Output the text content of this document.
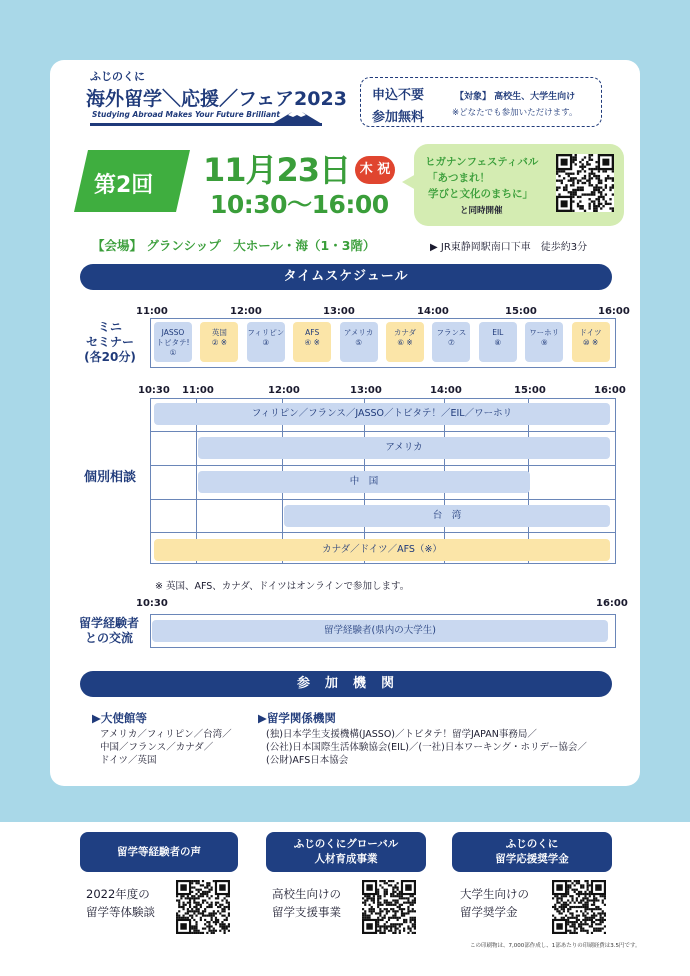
ふじのくに
海外留学＼応援／フェア2023
Studying Abroad Makes Your Future Brilliant
申込不要
参加無料
【対象】 高校生、大学生向け
※どなたでも参加いただけます。
第2回 11月23日 木 祝
10:30〜16:00
ヒガナンフェスティバル
「あつまれ！
学びと文化のまちに」
と同時開催
【会場】 グランシップ　大ホール・海（1・3階）	▶ JR東静岡駅南口下車　徒歩約3分
タイムスケジュール
ミニ
セミナー
(各20分)
11:00	12:00	13:00	14:00	15:00	16:00
JASSO
トビタテ!
①
英国
② ※
フィリピン
③
AFS
④ ※
アメリカ
⑤
カナダ
⑥ ※
フランス
⑦
EIL
⑧
ワーホリ
⑨
ドイツ
⑩ ※
10:30 11:00	12:00	13:00	14:00	15:00	16:00
個別相談
フィリピン／フランス／JASSO／トビタテ！／EIL／ワーホリ
アメリカ
中　国
台　湾
カナダ／ドイツ／AFS（※）
※ 英国、AFS、カナダ、ドイツはオンラインで参加します。
10:30	16:00
留学経験者
との交流
留学経験者(県内の大学生)
参　加　機　関
▶大使館等
アメリカ／フィリピン／台湾／
中国／フランス／カナダ／
ドイツ／英国
▶留学関係機関
(独)日本学生支援機構(JASSO)／トビタテ！留学JAPAN事務局／
(公社)日本国際生活体験協会(EIL)／(一社)日本ワーキング・ホリデー協会／
(公財)AFS日本協会
留学等経験者の声
ふじのくにグローバル
人材育成事業
ふじのくに
留学応援奨学金
2022年度の
留学等体験談
高校生向けの
留学支援事業
大学生向けの
留学奨学金
この印刷物は、7,000部作成し、1部あたりの印刷経費は3.5円です。
